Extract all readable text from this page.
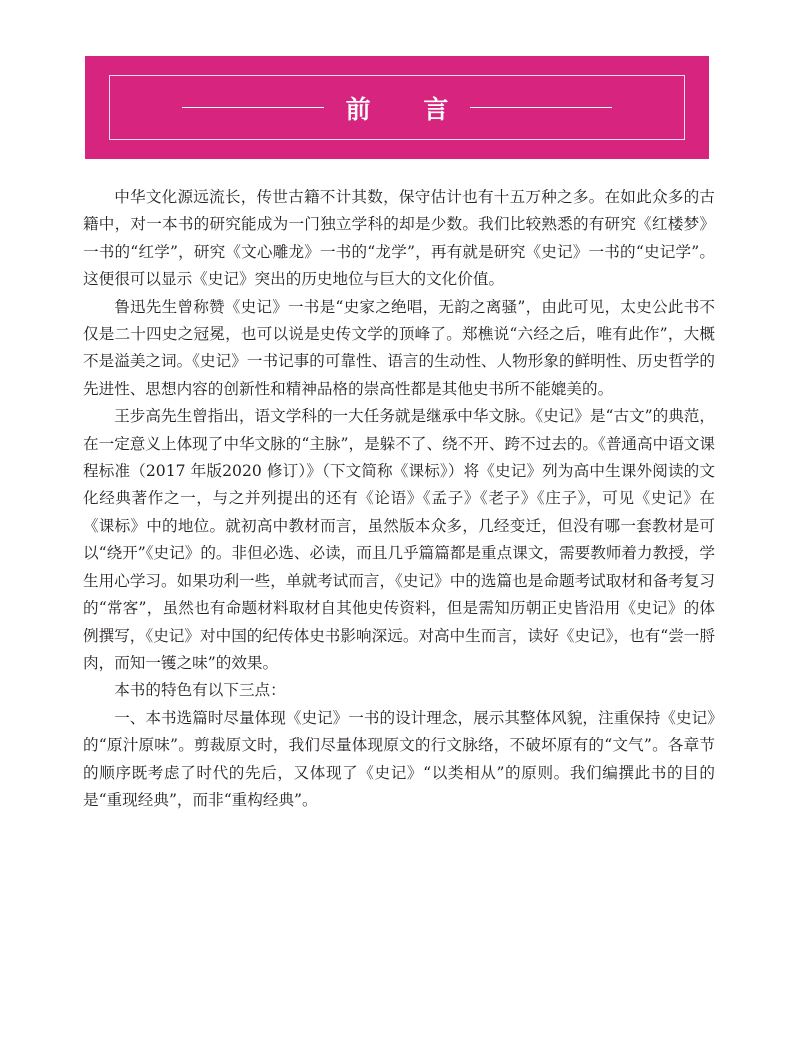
前 言

中华文化源远流长，传世古籍不计其数，保守估计也有十五万种之多。在如此众多的古籍中，对一本书的研究能成为一门独立学科的却是少数。我们比较熟悉的有研究《红楼梦》一书的“红学”，研究《文心雕龙》一书的“龙学”，再有就是研究《史记》一书的“史记学”。这便很可以显示《史记》突出的历史地位与巨大的文化价值。

鲁迅先生曾称赞《史记》一书是“史家之绝唱，无韵之离骚”，由此可见，太史公此书不仅是二十四史之冠冕，也可以说是史传文学的顶峰了。郑樵说“六经之后，唯有此作”，大概不是溢美之词。《史记》一书记事的可靠性、语言的生动性、人物形象的鲜明性、历史哲学的先进性、思想内容的创新性和精神品格的崇高性都是其他史书所不能媲美的。

王步高先生曾指出，语文学科的一大任务就是继承中华文脉。《史记》是“古文”的典范，在一定意义上体现了中华文脉的“主脉”，是躲不了、绕不开、跨不过去的。《普通高中语文课程标准（2017 年版2020 修订）》（下文简称《课标》）将《史记》列为高中生课外阅读的文化经典著作之一，与之并列提出的还有《论语》《孟子》《老子》《庄子》，可见《史记》在《课标》中的地位。就初高中教材而言，虽然版本众多，几经变迁，但没有哪一套教材是可以“绕开”《史记》的。非但必选、必读，而且几乎篇篇都是重点课文，需要教师着力教授，学生用心学习。如果功利一些，单就考试而言，《史记》中的选篇也是命题考试取材和备考复习的“常客”，虽然也有命题材料取材自其他史传资料，但是需知历朝正史皆沿用《史记》的体例撰写，《史记》对中国的纪传体史书影响深远。对高中生而言，读好《史记》，也有“尝一脟肉，而知一镬之味”的效果。

本书的特色有以下三点：

一、本书选篇时尽量体现《史记》一书的设计理念，展示其整体风貌，注重保持《史记》的“原汁原味”。剪裁原文时，我们尽量体现原文的行文脉络，不破坏原有的“文气”。各章节的顺序既考虑了时代的先后，又体现了《史记》“以类相从”的原则。我们编撰此书的目的是“重现经典”，而非“重构经典”。
